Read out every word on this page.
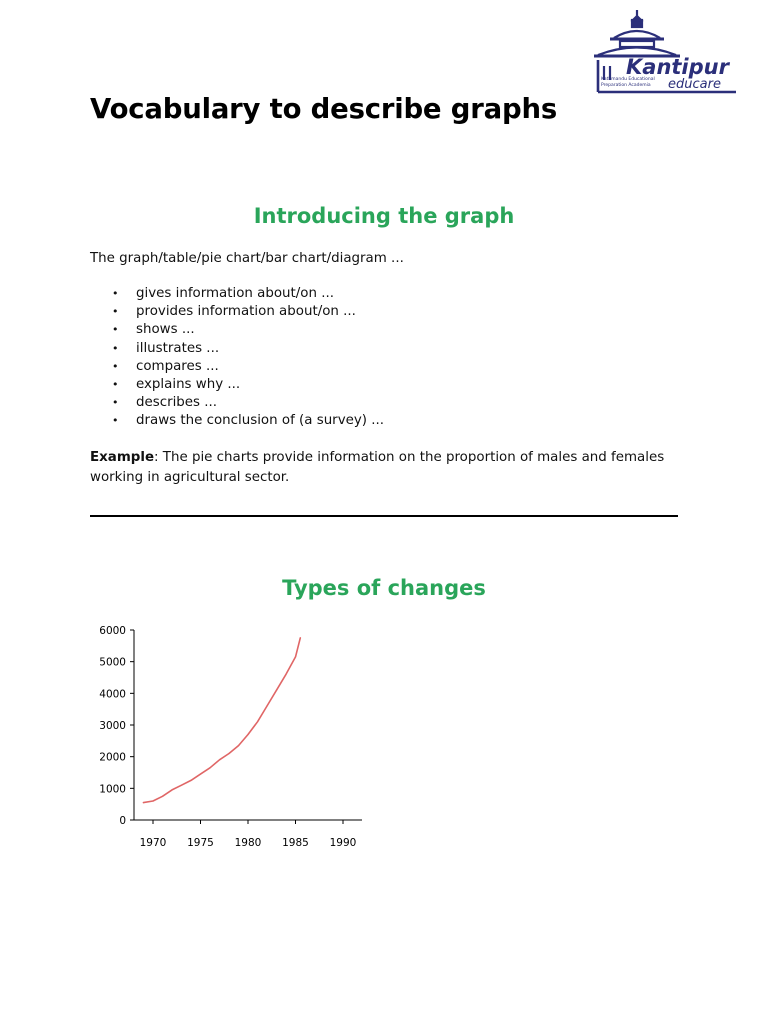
Kantipur
Kathmandu Educational
Preparation Academia educare
Vocabulary to describe graphs
Introducing the graph
The graph/table/pie chart/bar chart/diagram ...
• gives information about/on ...
• provides information about/on ...
• shows ...
• illustrates ...
• compares ...
• explains why ...
• describes ...
• draws the conclusion of (a survey) ...
Example: The pie charts provide information on the proportion of males and females working in agricultural sector.
Types of changes
0
1000
2000
3000
4000
5000
6000
1970 1975 1980 1985 1990
